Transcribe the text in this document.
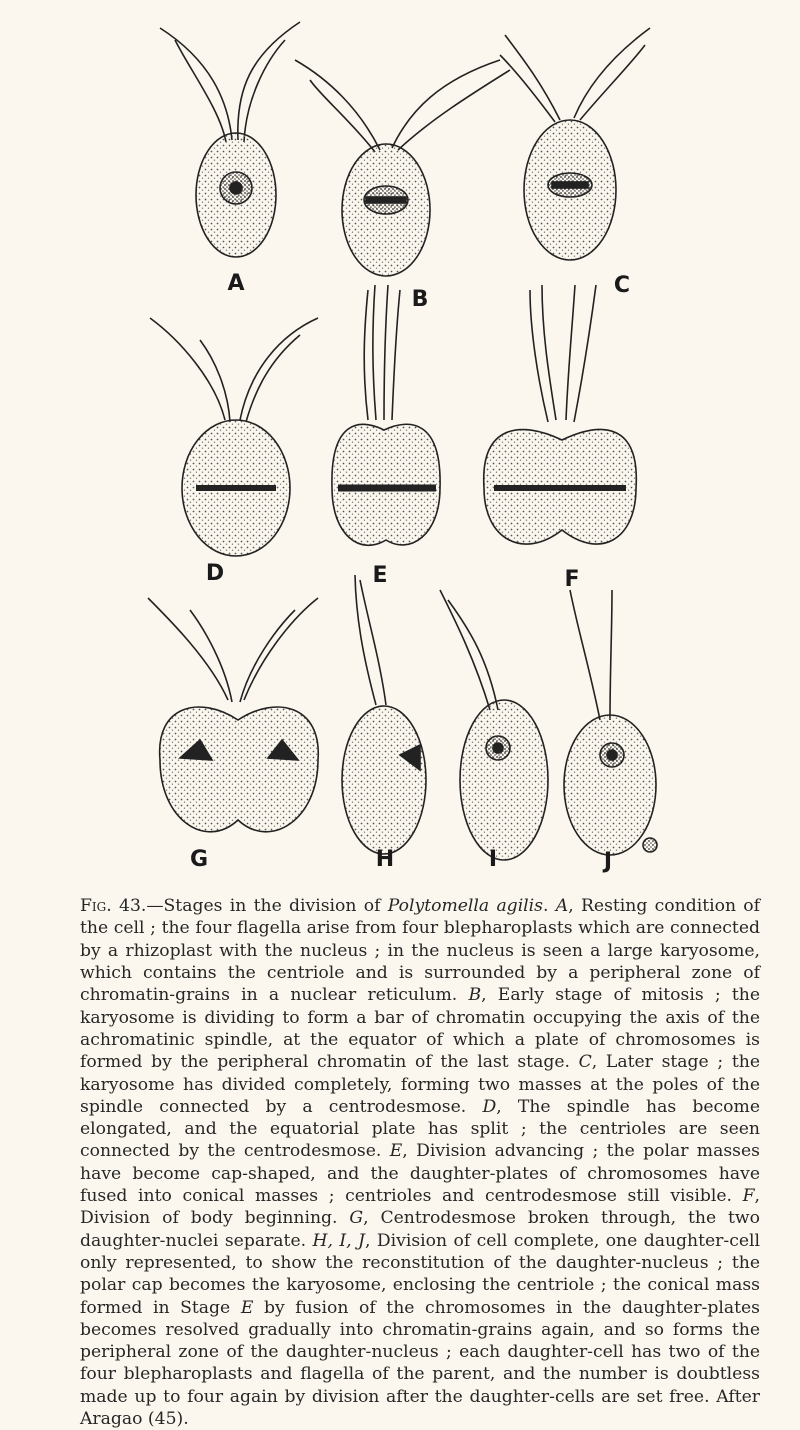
A
B
C
D	E	F
G	H	I	J

Fig. 43.—Stages in the division of Polytomella agilis. A, Resting condition of the cell ; the four flagella arise from four blepharoplasts which are connected by a rhizoplast with the nucleus ; in the nucleus is seen a large karyosome, which contains the centriole and is surrounded by a peripheral zone of chromatin-grains in a nuclear reticulum. B, Early stage of mitosis ; the karyosome is dividing to form a bar of chromatin occupying the axis of the achromatinic spindle, at the equator of which a plate of chromosomes is formed by the peripheral chromatin of the last stage. C, Later stage ; the karyosome has divided completely, forming two masses at the poles of the spindle connected by a centrodesmose. D, The spindle has become elongated, and the equatorial plate has split ; the centrioles are seen connected by the centrodesmose. E, Division advancing ; the polar masses have become cap-shaped, and the daughter-plates of chromosomes have fused into conical masses ; centrioles and centrodesmose still visible. F, Division of body beginning. G, Centrodesmose broken through, the two daughter-nuclei separate. H, I, J, Division of cell complete, one daughter-cell only represented, to show the reconstitution of the daughter-nucleus ; the polar cap becomes the karyosome, enclosing the centriole ; the conical mass formed in Stage E by fusion of the chromosomes in the daughter-plates becomes resolved gradually into chromatin-grains again, and so forms the peripheral zone of the daughter-nucleus ; each daughter-cell has two of the four blepharoplasts and flagella of the parent, and the number is doubtless made up to four again by division after the daughter-cells are set free. After Aragao (45).
